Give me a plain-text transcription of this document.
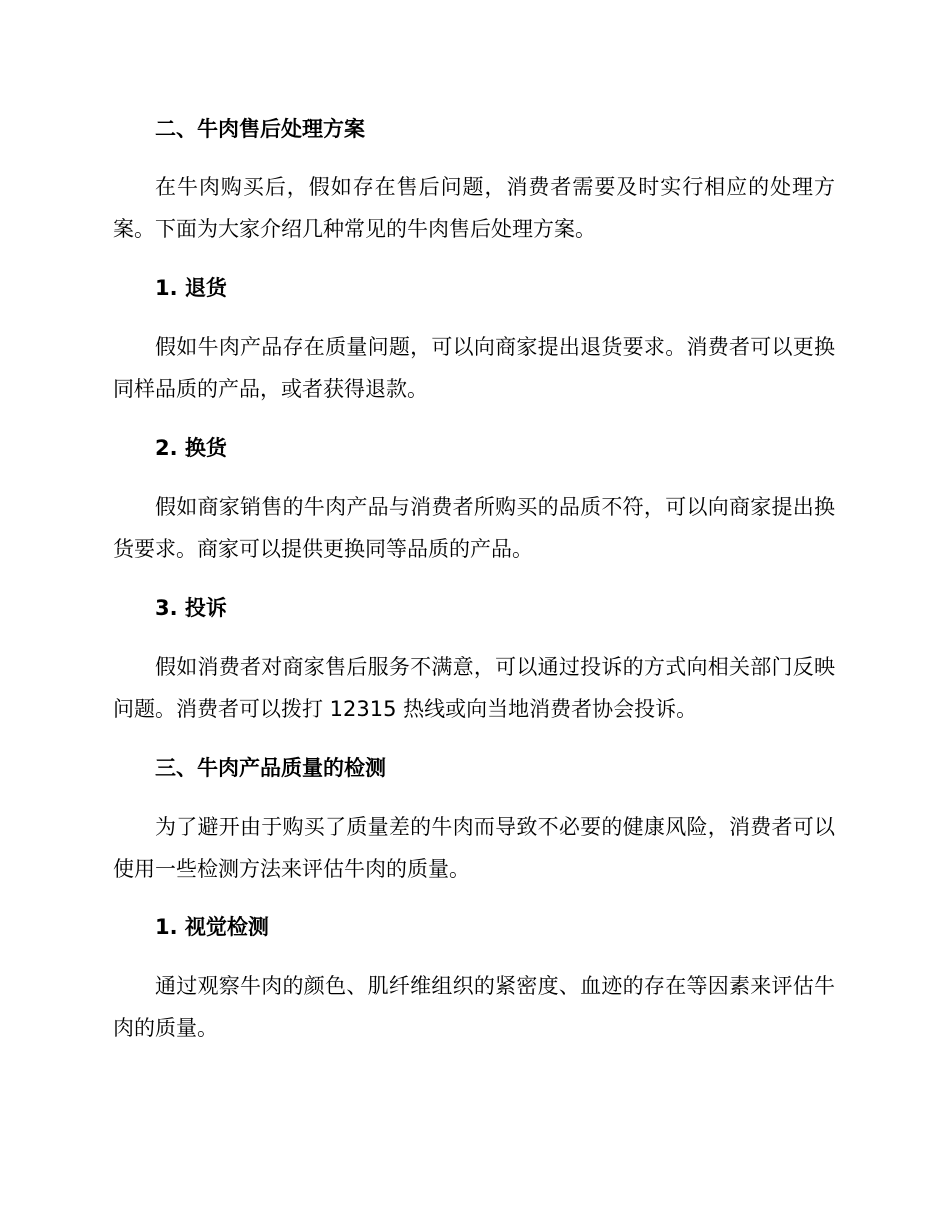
二、牛肉售后处理方案

在牛肉购买后，假如存在售后问题，消费者需要及时实行相应的处理方案。下面为大家介绍几种常见的牛肉售后处理方案。

1. 退货

假如牛肉产品存在质量问题，可以向商家提出退货要求。消费者可以更换同样品质的产品，或者获得退款。

2. 换货

假如商家销售的牛肉产品与消费者所购买的品质不符，可以向商家提出换货要求。商家可以提供更换同等品质的产品。

3. 投诉

假如消费者对商家售后服务不满意，可以通过投诉的方式向相关部门反映问题。消费者可以拨打 12315 热线或向当地消费者协会投诉。

三、牛肉产品质量的检测

为了避开由于购买了质量差的牛肉而导致不必要的健康风险，消费者可以使用一些检测方法来评估牛肉的质量。

1. 视觉检测

通过观察牛肉的颜色、肌纤维组织的紧密度、血迹的存在等因素来评估牛肉的质量。
